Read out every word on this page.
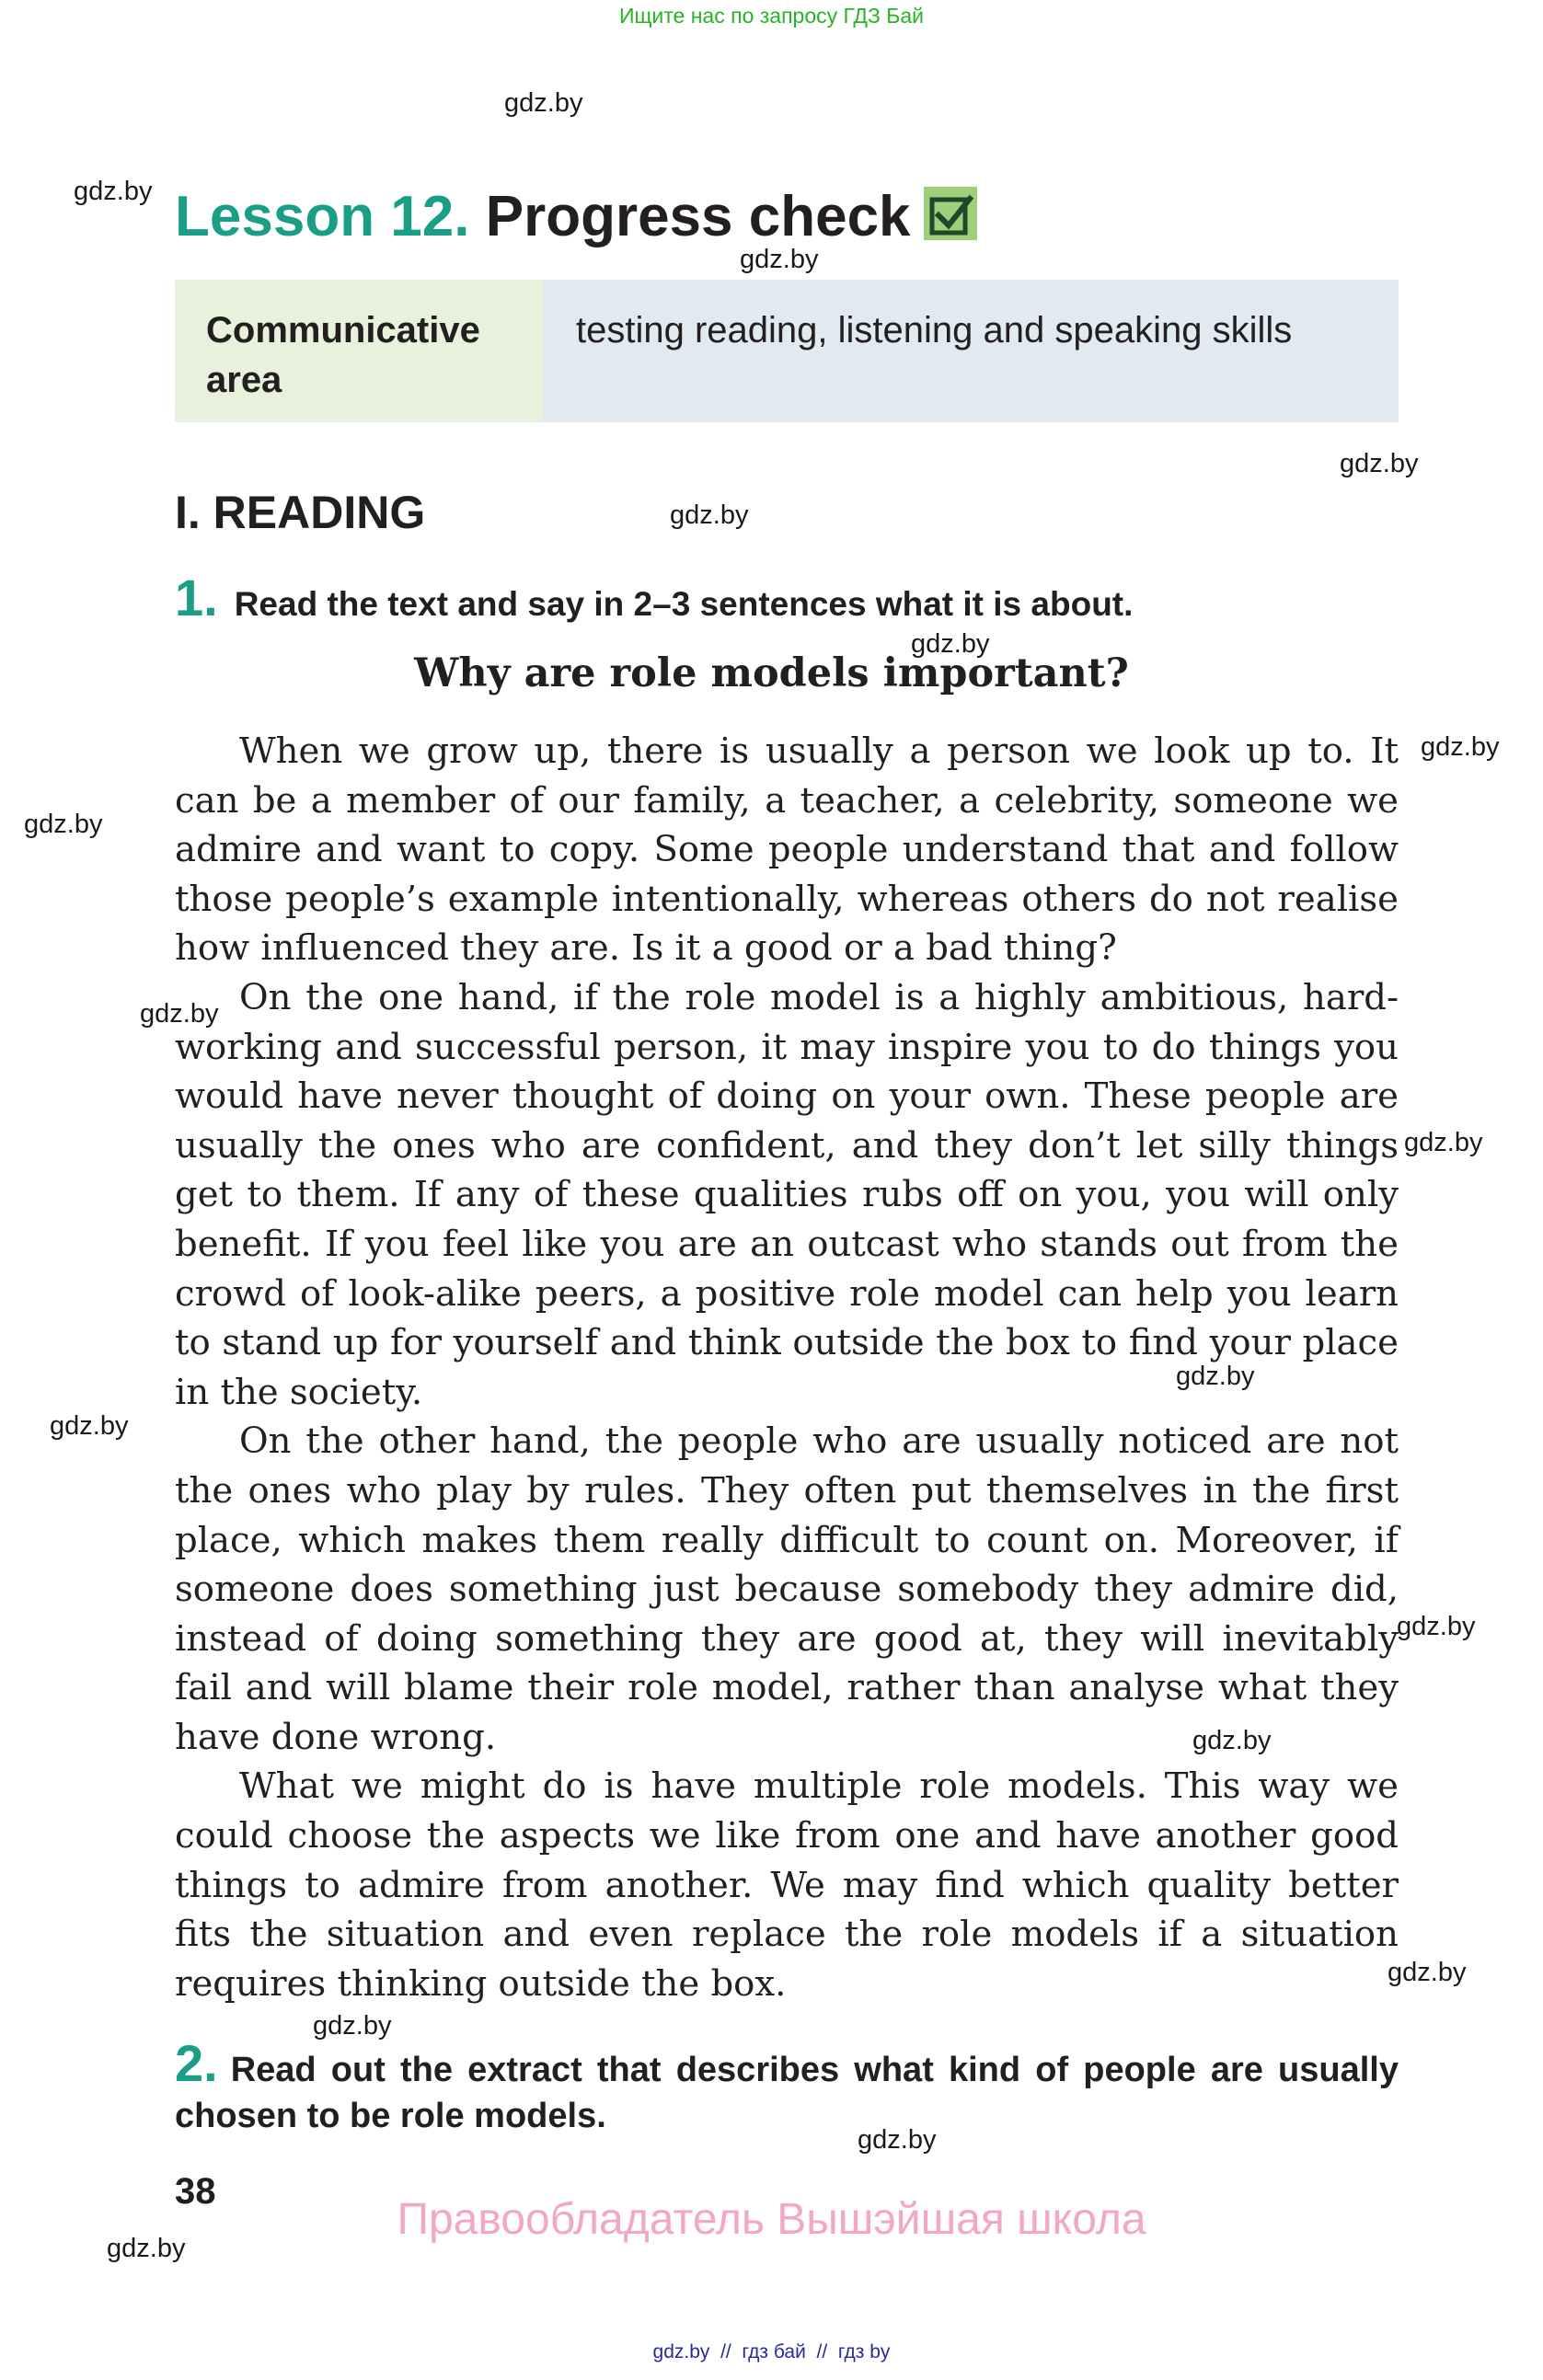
Ищите нас по запросу ГДЗ Бай
gdz.by
gdz.by
gdz.by
gdz.by
gdz.by
gdz.by
gdz.by
gdz.by
gdz.by
gdz.by
gdz.by
gdz.by
gdz.by
gdz.by
gdz.by
gdz.by
gdz.by
gdz.by
Lesson 12. Progress check
Communicative area
testing reading, listening and speaking skills
I. READING
1. Read the text and say in 2–3 sentences what it is about.
Why are role models important?

When we grow up, there is usually a person we look up to. It can be a member of our family, a teacher, a celebrity, someone we admire and want to copy. Some people understand that and follow those people’s example intentionally, whereas others do not realise how influenced they are. Is it a good or a bad thing?

On the one hand, if the role model is a highly ambitious, hard-working and successful person, it may inspire you to do things you would have never thought of doing on your own. These people are usually the ones who are confident, and they don’t let silly things get to them. If any of these qualities rubs off on you, you will only benefit. If you feel like you are an outcast who stands out from the crowd of look-alike peers, a positive role model can help you learn to stand up for yourself and think outside the box to find your place in the society.

On the other hand, the people who are usually noticed are not the ones who play by rules. They often put themselves in the first place, which makes them really difficult to count on. Moreover, if someone does something just because somebody they admire did, instead of doing something they are good at, they will inevitably fail and will blame their role model, rather than analyse what they have done wrong.

What we might do is have multiple role models. This way we could choose the aspects we like from one and have another good things to admire from another. We may find which quality better fits the situation and even replace the role models if a situation requires thinking outside the box.

2. Read out the extract that describes what kind of people are usually chosen to be role models.
38
Правообладатель Вышэйшая школа
gdz.by  //  гдз бай  //  гдз by
